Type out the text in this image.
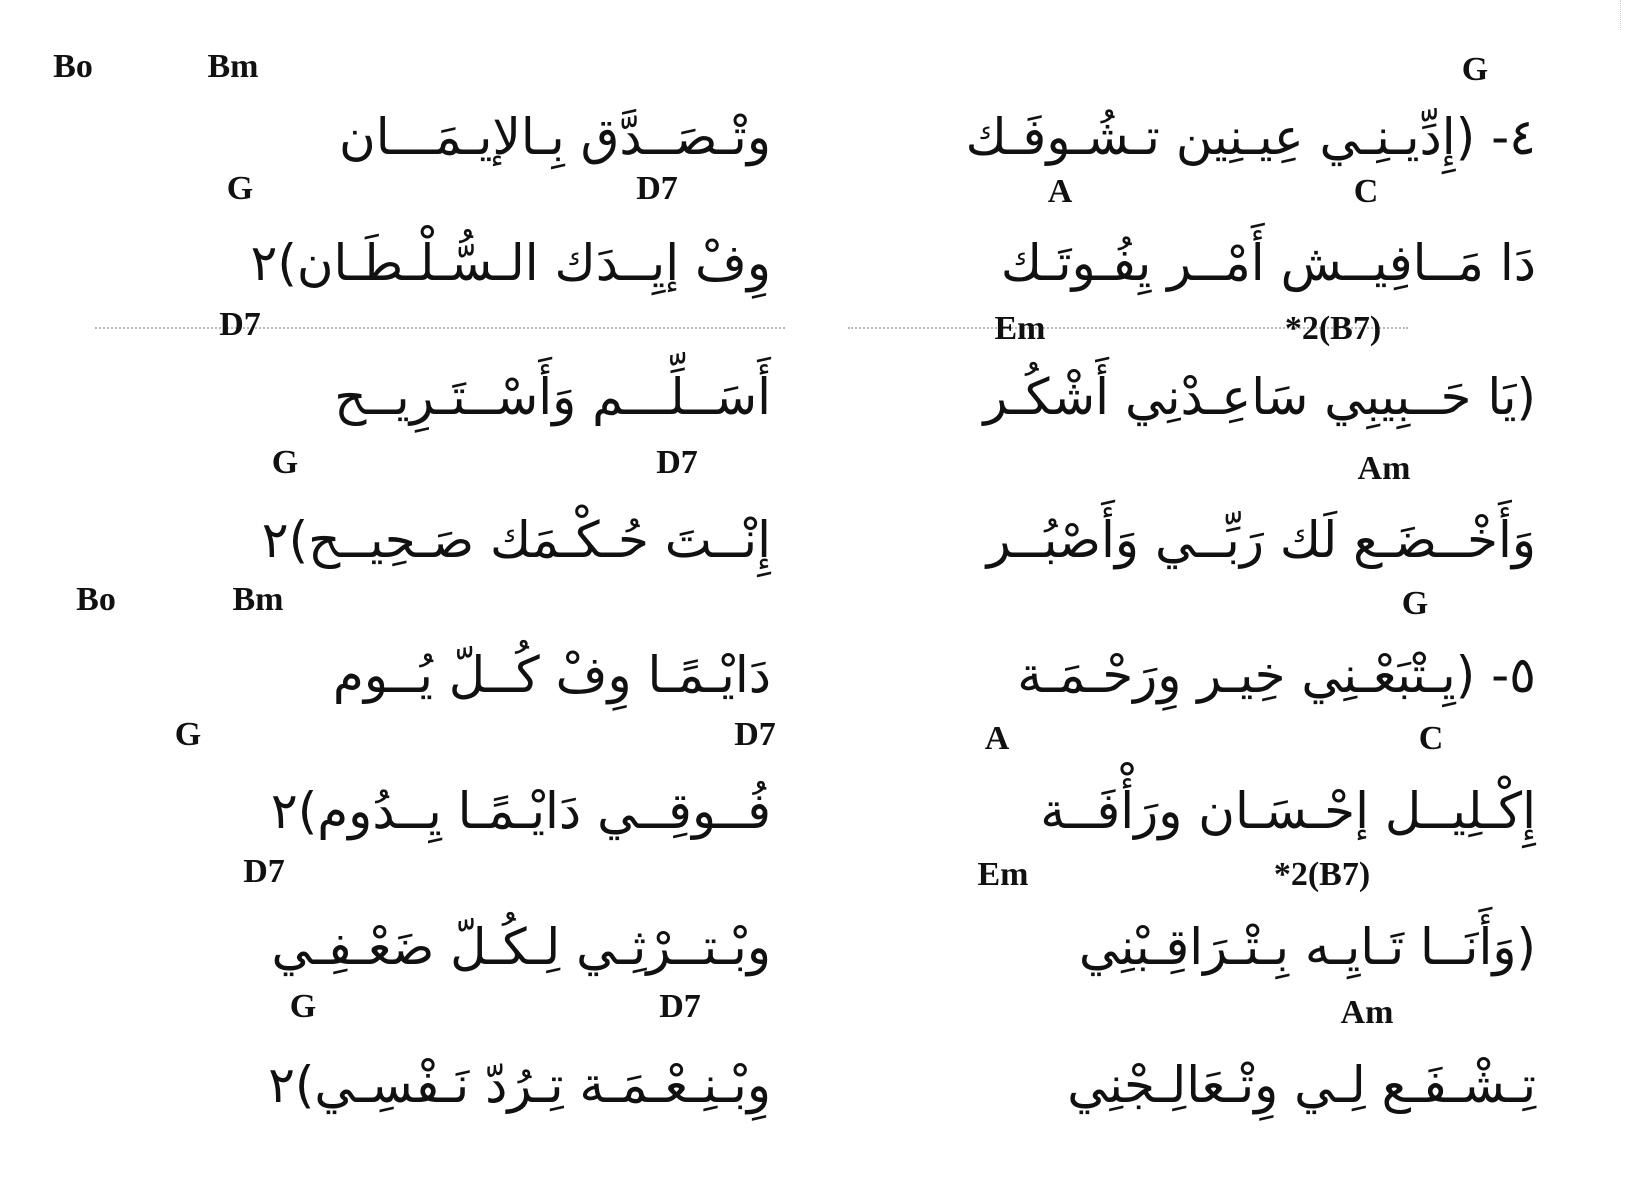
Bo	Bm	G
وتْـصَــدَّق بِـالإيـمَـــان	٤- (إِدِّيـنِـي عِيـنِين تـشُـوفَـك
G	D7	A	C
وِفْ إيِــدَك الـسُّـلْـطَـان)٢	دَا مَــافِيــش أَمْــر يِفُـوتَـك
D7	Em	*2(B7)
أَسَــلِّـــم وَأَسْــتَـرِيــح	(يَا حَــبِيبِي سَاعِـدْنِي أَشْكُـر
G	D7	Am
إِنْــتَ حُـكْـمَك صَـحِيــح)٢	وَأَخْــضَـع لَك رَبِّــي وَأَصْبُــر
Bo	Bm	G
دَايْـمًـا وِفْ كُــلّ يُــوم	٥- (يِـتْبَعْـنِي خِيـر وِرَحْـمَـة
G	D7	A	C
فُــوقِــي دَايْـمًـا يِــدُوم)٢	إِكْـلِيــل إحْـسَـان ورَأْفَــة
D7	Em	*2(B7)
وبْـتــرْثِـي لِـكُـلّ ضَعْـفِـي	(وَأَنَــا تَـايِـه بِـتْـرَاقِـبْنِي
G	D7	Am
وِبْـنِـعْـمَـة تِـرُدّ نَـفْسِـي)٢	تِـشْـفَـع لِـي وِتْـعَالِـجْنِي
